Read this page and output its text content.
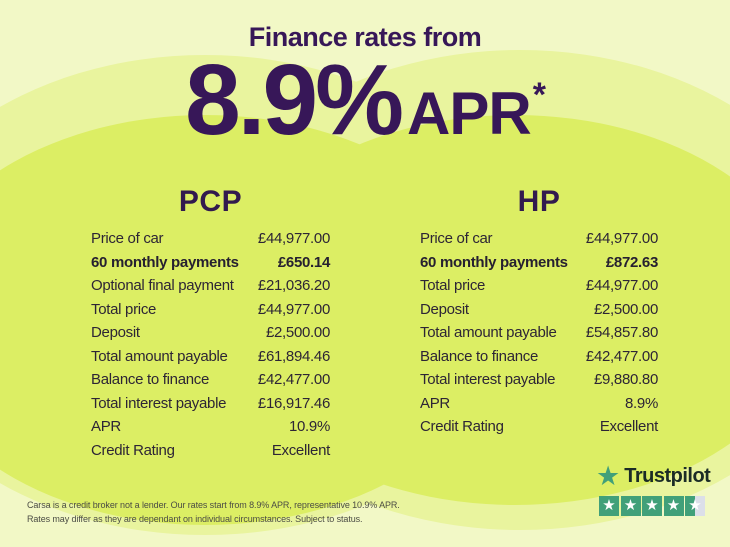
Finance rates from
8.9% APR*
PCP
Price of car	£44,977.00
60 monthly payments	£650.14
Optional final payment £21,036.20
Total price	£44,977.00
Deposit	£2,500.00
Total amount payable £61,894.46
Balance to finance	£42,477.00
Total interest payable £16,917.46
APR	10.9%
Credit Rating	Excellent
HP
Price of car	£44,977.00
60 monthly payments	£872.63
Total price	£44,977.00
Deposit	£2,500.00
Total amount payable £54,857.80
Balance to finance	£42,477.00
Total interest payable	£9,880.80
APR	8.9%
Credit Rating	Excellent
Carsa is a credit broker not a lender. Our rates start from 8.9% APR, representative 10.9% APR.
Rates may differ as they are dependant on individual circumstances. Subject to status.
★ Trustpilot
★ ★ ★ ★ ★
